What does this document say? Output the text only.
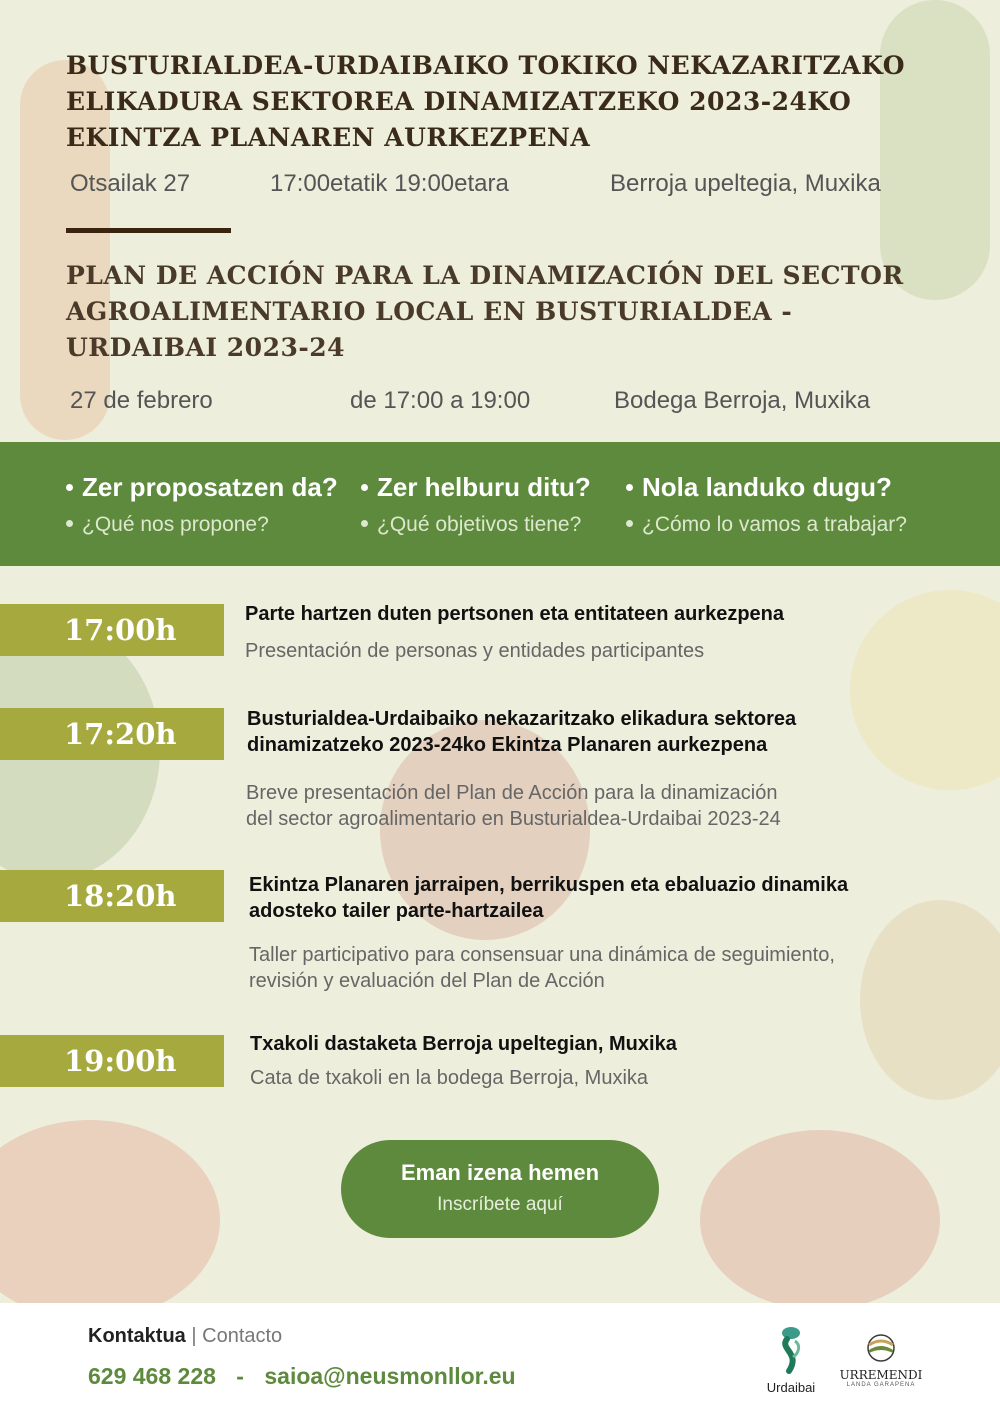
BUSTURIALDEA-URDAIBAIKO TOKIKO NEKAZARITZAKO
ELIKADURA SEKTOREA DINAMIZATZEKO 2023-24KO
EKINTZA PLANAREN AURKEZPENA
Otsailak 27	17:00etatik 19:00etara	Berroja upeltegia, Muxika
PLAN DE ACCIÓN PARA LA DINAMIZACIÓN DEL SECTOR
AGROALIMENTARIO LOCAL EN BUSTURIALDEA -
URDAIBAI 2023-24
27 de febrero	de 17:00 a 19:00	Bodega Berroja, Muxika
Zer proposatzen da?
¿Qué nos propone?
Zer helburu ditu?
¿Qué objetivos tiene?
Nola landuko dugu?
¿Cómo lo vamos a trabajar?
17:00h	Parte hartzen duten pertsonen eta entitateen aurkezpena
Presentación de personas y entidades participantes
17:20h	Busturialdea-Urdaibaiko nekazaritzako elikadura sektorea
dinamizatzeko 2023-24ko Ekintza Planaren aurkezpena
Breve presentación del Plan de Acción para la dinamización
del sector agroalimentario en Busturialdea-Urdaibai 2023-24
18:20h	Ekintza Planaren jarraipen, berrikuspen eta ebaluazio dinamika
adosteko tailer parte-hartzailea
Taller participativo para consensuar una dinámica de seguimiento,
revisión y evaluación del Plan de Acción
19:00h	Txakoli dastaketa Berroja upeltegian, Muxika
Cata de txakoli en la bodega Berroja, Muxika
Eman izena hemen
Inscríbete aquí
Kontaktua | Contacto
629 468 228 - saioa@neusmonllor.eu	Urdaibai
URREMENDI
LANDA GARAPENA
